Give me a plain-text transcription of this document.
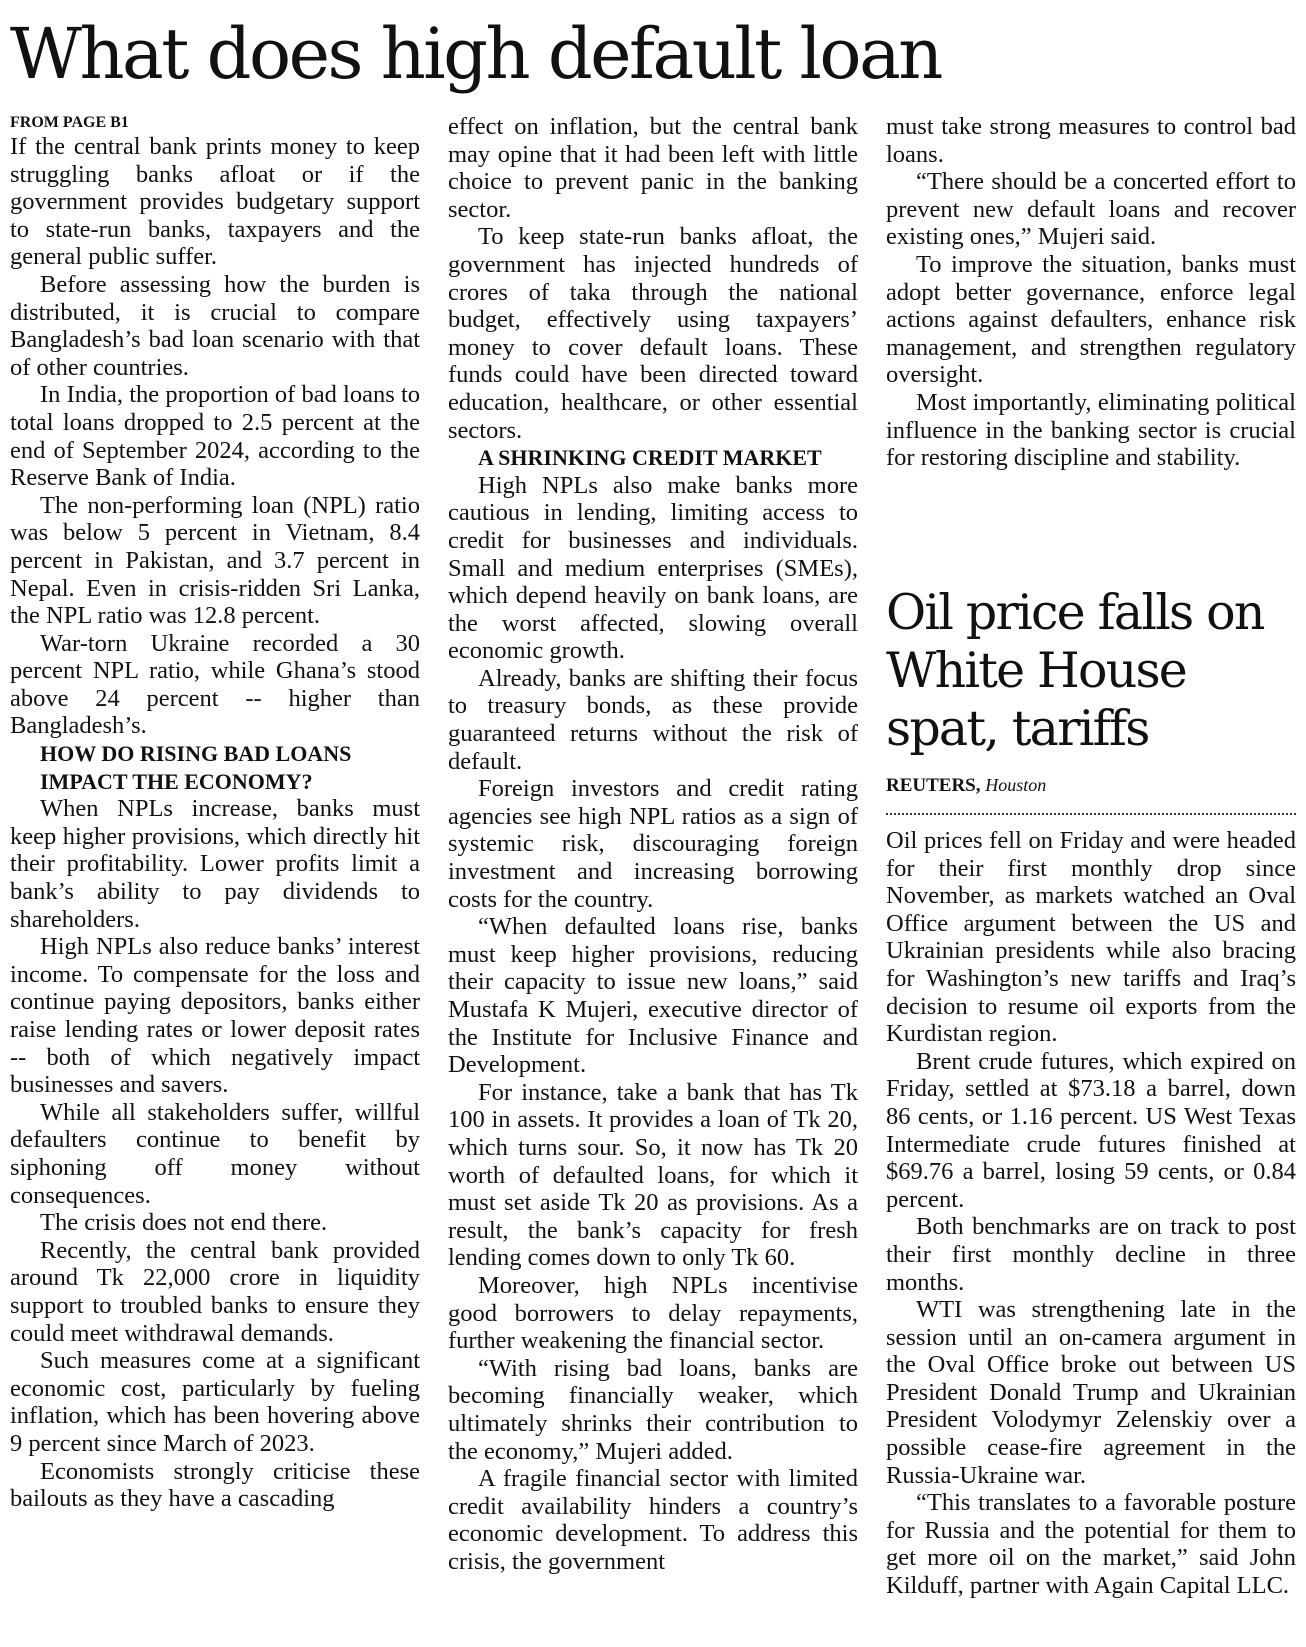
What does high default loan
FROM PAGE B1

If the central bank prints money to keep struggling banks afloat or if the government provides budgetary support to state-run banks, taxpayers and the general public suffer.

Before assessing how the burden is distributed, it is crucial to compare Bangladesh’s bad loan scenario with that of other countries.

In India, the proportion of bad loans to total loans dropped to 2.5 percent at the end of September 2024, according to the Reserve Bank of India.

The non-performing loan (NPL) ratio was below 5 percent in Vietnam, 8.4 percent in Pakistan, and 3.7 percent in Nepal. Even in crisis-ridden Sri Lanka, the NPL ratio was 12.8 percent.

War-torn Ukraine recorded a 30 percent NPL ratio, while Ghana’s stood above 24 percent -- higher than Bangladesh’s.

HOW DO RISING BAD LOANS IMPACT THE ECONOMY?

When NPLs increase, banks must keep higher provisions, which directly hit their profitability. Lower profits limit a bank’s ability to pay dividends to shareholders.

High NPLs also reduce banks’ interest income. To compensate for the loss and continue paying depositors, banks either raise lending rates or lower deposit rates -- both of which negatively impact businesses and savers.

While all stakeholders suffer, willful defaulters continue to benefit by siphoning off money without consequences.

The crisis does not end there.

Recently, the central bank provided around Tk 22,000 crore in liquidity support to troubled banks to ensure they could meet withdrawal demands.

Such measures come at a significant economic cost, particularly by fueling inflation, which has been hovering above 9 percent since March of 2023.

Economists strongly criticise these bailouts as they have a cascading

effect on inflation, but the central bank may opine that it had been left with little choice to prevent panic in the banking sector.

To keep state-run banks afloat, the government has injected hundreds of crores of taka through the national budget, effectively using taxpayers’ money to cover default loans. These funds could have been directed toward education, healthcare, or other essential sectors.

A SHRINKING CREDIT MARKET

High NPLs also make banks more cautious in lending, limiting access to credit for businesses and individuals. Small and medium enterprises (SMEs), which depend heavily on bank loans, are the worst affected, slowing overall economic growth.

Already, banks are shifting their focus to treasury bonds, as these provide guaranteed returns without the risk of default.

Foreign investors and credit rating agencies see high NPL ratios as a sign of systemic risk, discouraging foreign investment and increasing borrowing costs for the country.

“When defaulted loans rise, banks must keep higher provisions, reducing their capacity to issue new loans,” said Mustafa K Mujeri, executive director of the Institute for Inclusive Finance and Development.

For instance, take a bank that has Tk 100 in assets. It provides a loan of Tk 20, which turns sour. So, it now has Tk 20 worth of defaulted loans, for which it must set aside Tk 20 as provisions. As a result, the bank’s capacity for fresh lending comes down to only Tk 60.

Moreover, high NPLs incentivise good borrowers to delay repayments, further weakening the financial sector.

“With rising bad loans, banks are becoming financially weaker, which ultimately shrinks their contribution to the economy,” Mujeri added.

A fragile financial sector with limited credit availability hinders a country’s economic development. To address this crisis, the government

must take strong measures to control bad loans.

“There should be a concerted effort to prevent new default loans and recover existing ones,” Mujeri said.

To improve the situation, banks must adopt better governance, enforce legal actions against defaulters, enhance risk management, and strengthen regulatory oversight.

Most importantly, eliminating political influence in the banking sector is crucial for restoring discipline and stability.

Oil price falls on White House spat, tariffs
REUTERS, Houston

Oil prices fell on Friday and were headed for their first monthly drop since November, as markets watched an Oval Office argument between the US and Ukrainian presidents while also bracing for Washington’s new tariffs and Iraq’s decision to resume oil exports from the Kurdistan region.

Brent crude futures, which expired on Friday, settled at $73.18 a barrel, down 86 cents, or 1.16 percent. US West Texas Intermediate crude futures finished at $69.76 a barrel, losing 59 cents, or 0.84 percent.

Both benchmarks are on track to post their first monthly decline in three months.

WTI was strengthening late in the session until an on-camera argument in the Oval Office broke out between US President Donald Trump and Ukrainian President Volodymyr Zelenskiy over a possible cease-fire agreement in the Russia-Ukraine war.

“This translates to a favorable posture for Russia and the potential for them to get more oil on the market,” said John Kilduff, partner with Again Capital LLC.
